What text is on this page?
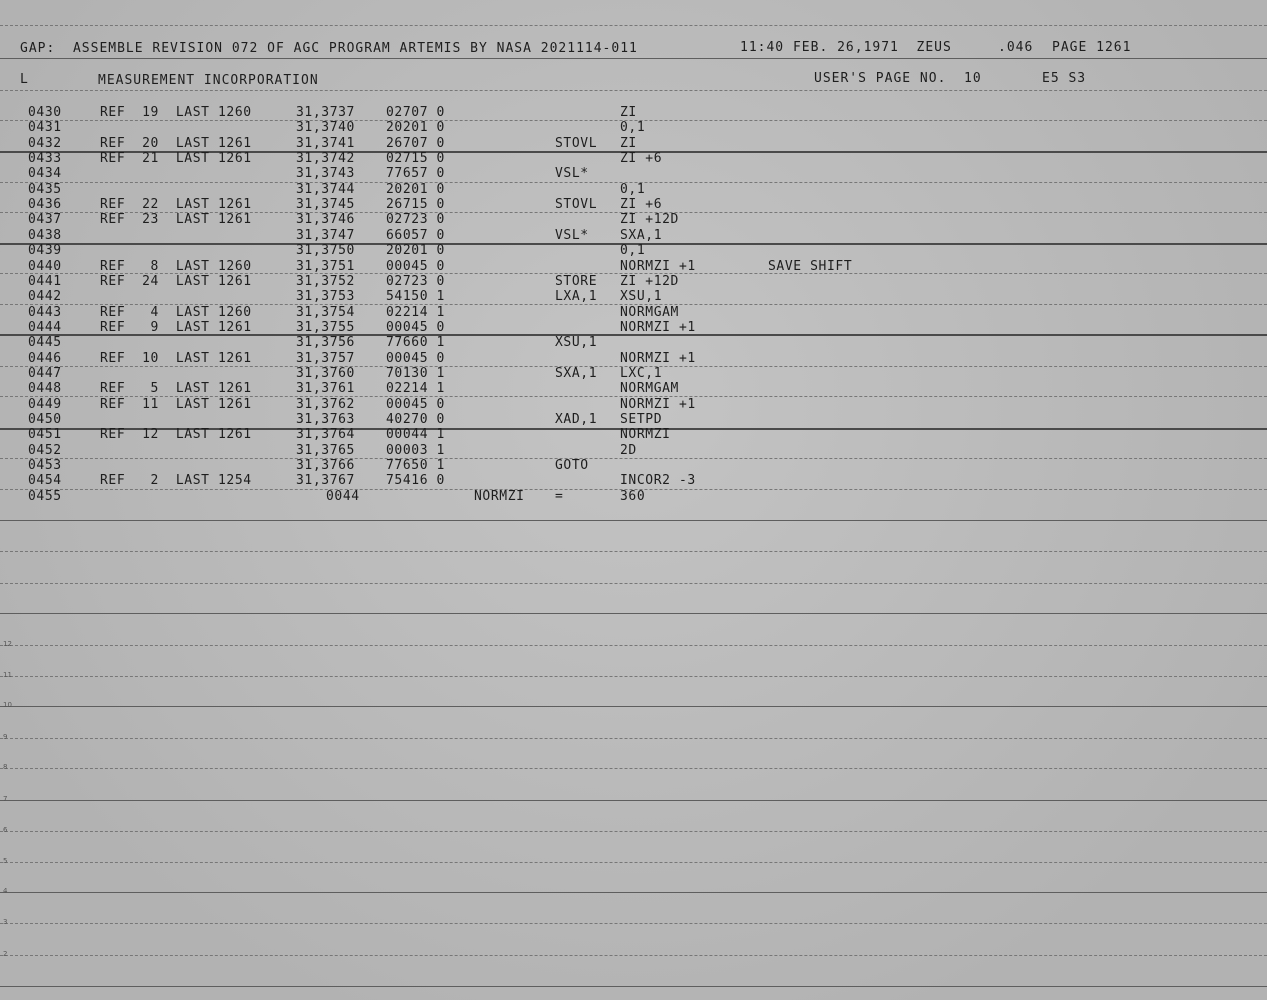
GAP:  ASSEMBLE REVISION 072 OF AGC PROGRAM ARTEMIS BY NASA 2021114-011	11:40 FEB. 26,1971  ZEUS	.046 PAGE 1261
L	MEASUREMENT INCORPORATION	USER'S PAGE NO.  10	E5 S3
0430	REF  19  LAST 1260	31,3737 02707 0	ZI
0431	31,3740 20201 0	0,1
0432	REF  20  LAST 1261	31,3741 26707 0	STOVL ZI
0433	REF  21  LAST 1261	31,3742 02715 0	ZI +6
0434	31,3743 77657 0	VSL*
0435	31,3744 20201 0	0,1
0436	REF  22  LAST 1261	31,3745 26715 0	STOVL ZI +6
0437	REF  23  LAST 1261	31,3746 02723 0	ZI +12D
0438	31,3747 66057 0	VSL* SXA,1
0439	31,3750 20201 0	0,1
0440	REF   8  LAST 1260	31,3751 00045 0	NORMZI +1	SAVE SHIFT
0441	REF  24  LAST 1261	31,3752 02723 0	STORE ZI +12D
0442	31,3753 54150 1	LXA,1 XSU,1
0443	REF   4  LAST 1260	31,3754 02214 1	NORMGAM
0444	REF   9  LAST 1261	31,3755 00045 0	NORMZI +1
0445	31,3756 77660 1	XSU,1
0446	REF  10  LAST 1261	31,3757 00045 0	NORMZI +1
0447	31,3760 70130 1	SXA,1 LXC,1
0448	REF   5  LAST 1261	31,3761 02214 1	NORMGAM
0449	REF  11  LAST 1261	31,3762 00045 0	NORMZI +1
0450	31,3763 40270 0	XAD,1 SETPD
0451	REF  12  LAST 1261	31,3764 00044 1	NORMZI
0452	31,3765 00003 1	2D
0453	31,3766 77650 1	GOTO
0454	REF   2  LAST 1254	31,3767 75416 0	INCOR2 -3
0455	0044	NORMZI =	360
12
11
10
9
8
7
6
5
4
3
2
